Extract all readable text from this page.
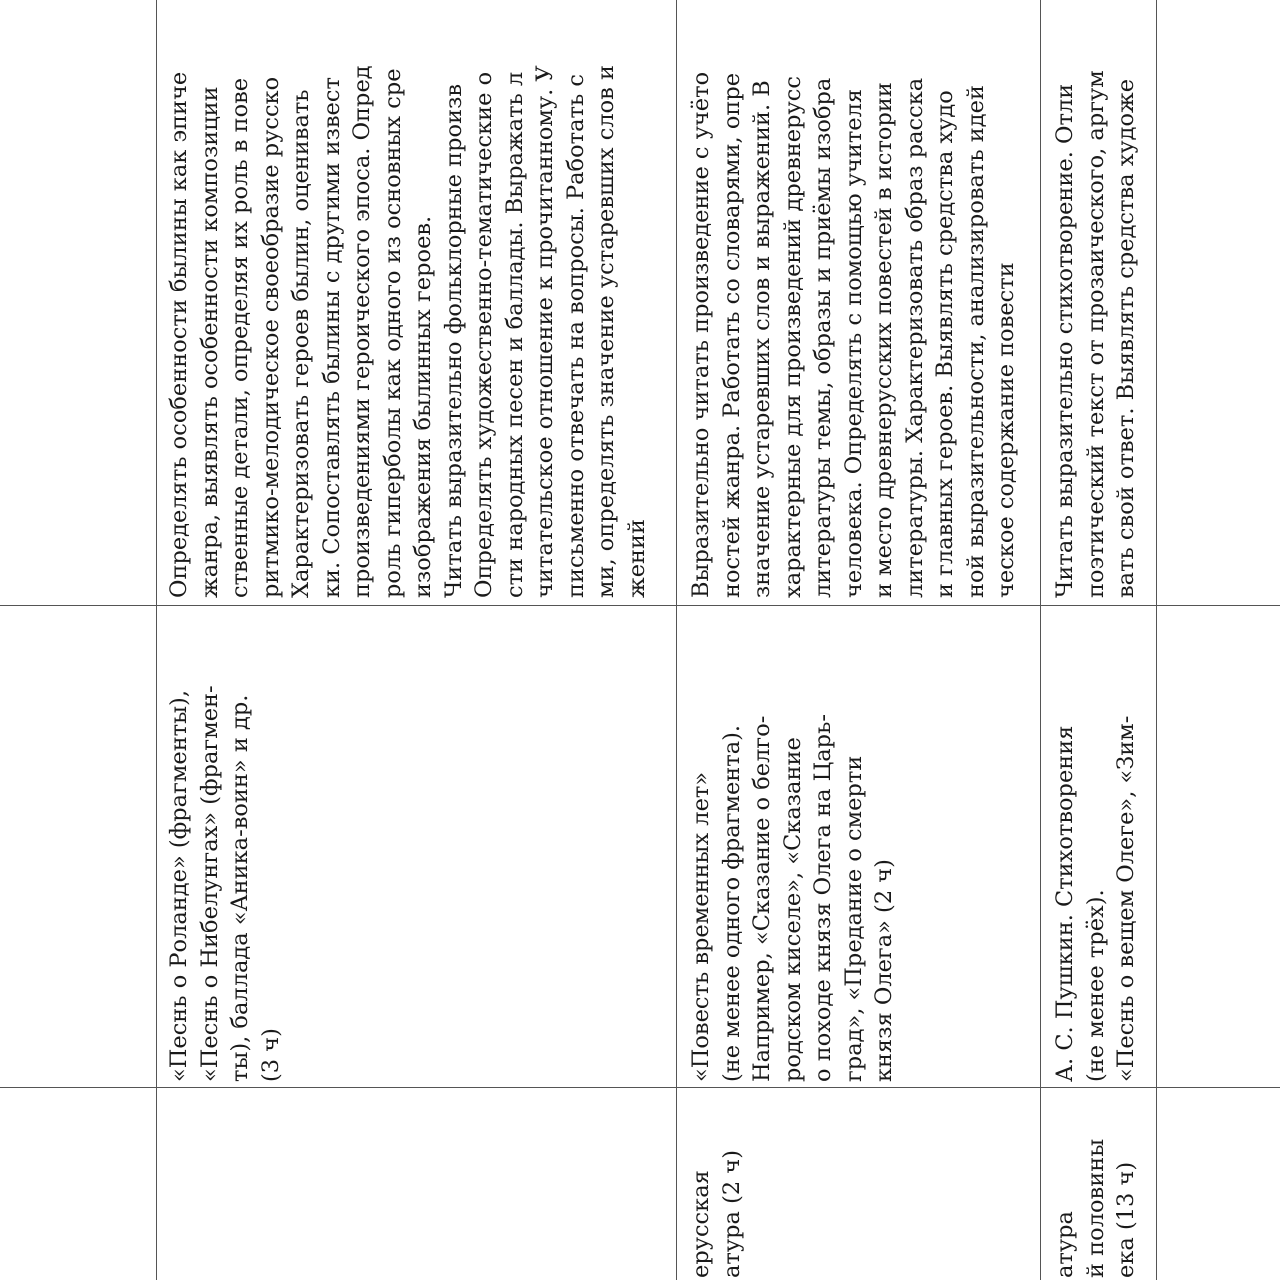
«Песнь о Роланде» (фрагменты), «Песнь о Нибелунгах» (фрагмен- ты), баллада «Аника-воин» и др. (3 ч)
Определять особенности былины как эпиче жанра, выявлять особенности композиции ственные детали, определяя их роль в пове ритмико-мелодическое своеобразие русско Характеризовать героев былин, оценивать ки. Сопоставлять былины с другими извест произведениями героического эпоса. Опред роль гиперболы как одного из основных сре изображения былинных героев. Читать выразительно фольклорные произв Определять художественно-тематические о сти народных песен и баллады. Выражать л читательское отношение к прочитанному. У письменно отвечать на вопросы. Работать с ми, определять значение устаревших слов и жений
ерусская атура (2 ч)
«Повесть временных лет» (не менее одного фрагмента). Например, «Сказание о белго- родском киселе», «Сказание о походе князя Олега на Царь- град», «Предание о смерти князя Олега» (2 ч)
Выразительно читать произведение с учёто ностей жанра. Работать со словарями, опре значение устаревших слов и выражений. В характерные для произведений древнерусс литературы темы, образы и приёмы изобра человека. Определять с помощью учителя и место древнерусских повестей в истории литературы. Характеризовать образ расска и главных героев. Выявлять средства худо ной выразительности, анализировать идей ческое содержание повести
атура й половины ека (13 ч)
А. С. Пушкин. Стихотворения (не менее трёх). «Песнь о вещем Олеге», «Зим-
Читать выразительно стихотворение. Отли поэтический текст от прозаического, аргум вать свой ответ. Выявлять средства художе
